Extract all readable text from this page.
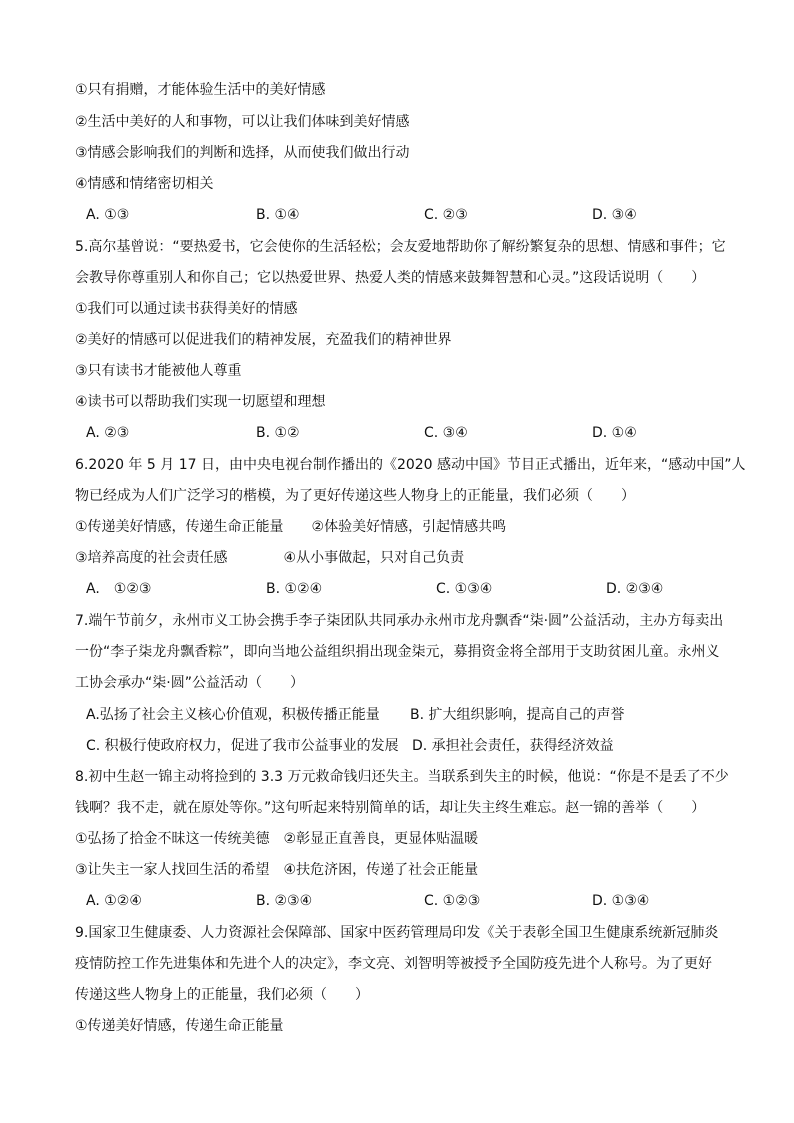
①只有捐赠，才能体验生活中的美好情感
②生活中美好的人和事物，可以让我们体味到美好情感
③情感会影响我们的判断和选择，从而使我们做出行动
④情感和情绪密切相关
A. ①③	B. ①④	C. ②③	D. ③④
5.高尔基曾说：“要热爱书，它会使你的生活轻松；会友爱地帮助你了解纷繁复杂的思想、情感和事件；它
会教导你尊重别人和你自己；它以热爱世界、热爱人类的情感来鼓舞智慧和心灵。”这段话说明（　　）
①我们可以通过读书获得美好的情感
②美好的情感可以促进我们的精神发展，充盈我们的精神世界
③只有读书才能被他人尊重
④读书可以帮助我们实现一切愿望和理想
A. ②③	B. ①②	C. ③④	D. ①④
6.2020 年 5 月 17 日，由中央电视台制作播出的《2020 感动中国》节目正式播出，近年来，“感动中国”人
物已经成为人们广泛学习的楷模，为了更好传递这些人物身上的正能量，我们必须（　　）
①传递美好情感，传递生命正能量　　②体验美好情感，引起情感共鸣
③培养高度的社会责任感　　　　④从小事做起，只对自己负责
A.　①②③	B. ①②④	C. ①③④	D. ②③④
7.端午节前夕，永州市义工协会携手李子柒团队共同承办永州市龙舟飘香“柒·圆”公益活动，主办方每卖出
一份“李子柒龙舟飘香粽”，即向当地公益组织捐出现金柒元，募捐资金将全部用于支助贫困儿童。永州义
工协会承办“柒·圆”公益活动（　　）
A.弘扬了社会主义核心价值观，积极传播正能量 B. 扩大组织影响，提高自己的声誉
C. 积极行使政府权力，促进了我市公益事业的发展 D. 承担社会责任，获得经济效益
8.初中生赵一锦主动将捡到的 3.3 万元救命钱归还失主。当联系到失主的时候，他说：“你是不是丢了不少
钱啊？我不走，就在原处等你。”这句听起来特别简单的话，却让失主终生难忘。赵一锦的善举（　　）
①弘扬了拾金不昧这一传统美德　②彰显正直善良，更显体贴温暖
③让失主一家人找回生活的希望　④扶危济困，传递了社会正能量
A. ①②④	B. ②③④	C. ①②③	D. ①③④
9.国家卫生健康委、人力资源社会保障部、国家中医药管理局印发《关于表彰全国卫生健康系统新冠肺炎
疫情防控工作先进集体和先进个人的决定》，李文亮、刘智明等被授予全国防疫先进个人称号。为了更好
传递这些人物身上的正能量，我们必须（　　）
①传递美好情感，传递生命正能量
